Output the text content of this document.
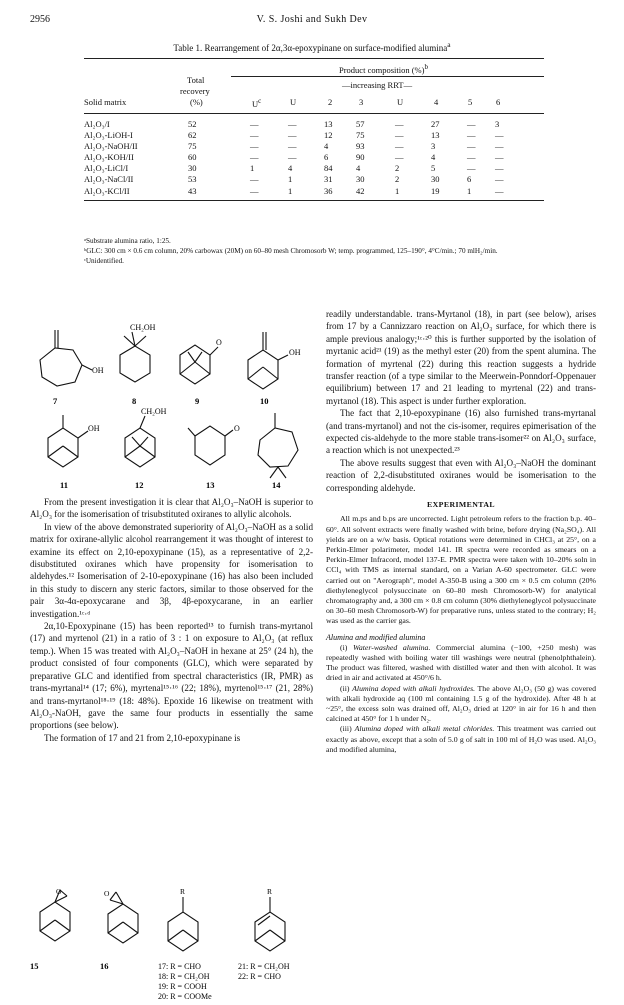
2956	V. S. Joshi and Sukh Dev
Table 1. Rearrangement of 2α,3α-epoxypinane on surface-modified alumina$^a$
Total
recovery
(%)
Solid matrix
Product composition (%)$^b$
—increasing RRT—
$U^c$	U	2	3	U	4	5	6
Al₂O₃/I	52	—	—	13	57	—	27	— 3
Al₂O₃-LiOH-I	62	—	—	12	75	—	13	— —
Al₂O₃-NaOH/II	75	—	—	4	93	—	3	— —
Al₂O₃-KOH/II	60	—	—	6	90	—	4	— —
Al₂O₃-LiCl/I	30	1	4	84	4	2	5	— —
Al₂O₃-NaCl/II	53	—	1	31	30	2	30	6	—
Al₂O₃-KCl/II	43	—	1	36	42	1	19	1	—
ᵃSubstrate alumina ratio, 1:25.
ᵇGLC: 300 cm × 0.6 cm column, 20% carbowax (20M) on 60–80 mesh Chromosorb W; temp. programmed, 125–190°, 4°C/min.; 70 mlH₂/min.
ᶜUnidentified.
CH₂OH
O
OH
OH
OH
CH₂OH
O
7	8	9	10
11	12	13	14

From the present investigation it is clear that Al₂O₃–NaOH is superior to Al₂O₃ for the isomerisation of trisubstituted oxiranes to allylic alcohols.

In view of the above demonstrated superiority of Al₂O₃–NaOH as a solid matrix for oxirane-allylic alcohol rearrangement it was thought of interest to examine its effect on 2,10-epoxypinane (15), as a representative of 2,2-disubstituted oxiranes which have propensity for isomerisation to aldehydes.¹² Isomerisation of 2-10-epoxypinane (16) has also been included in this study to discern any steric factors, similar to those observed for the pair 3α-4α-epoxycarane and 3β, 4β-epoxycarane, in an earlier investigation.¹ᶜ·ᵈ

2α,10-Epoxypinane (15) has been reported¹³ to furnish trans-myrtanol (17) and myrtenol (21) in a ratio of 3 : 1 on exposure to Al₂O₃ (at reflux temp.). When 15 was treated with Al₂O₃–NaOH in hexane at 25° (24 h), the product consisted of four components (GLC), which were separated by preparative GLC and identified from spectral characteristics (IR, PMR) as trans-myrtanal¹⁴ (17; 6%), myrtenal¹⁵·¹⁶ (22; 18%), myrtenol¹⁵·¹⁷ (21, 28%) and trans-myrtanol¹⁸·¹⁹ (18: 48%). Epoxide 16 likewise on treatment with Al₂O₃-NaOH, gave the same four products in essentially the same proportions (see below).

The formation of 17 and 21 from 2,10-epoxypinane is

O	O	R	R
15	16	17: R = CHO
18: R = CH₂OH
19: R = COOH
20: R = COOMe
21: R = CH₂OH
22: R = CHO

readily understandable. trans-Myrtanol (18), in part (see below), arises from 17 by a Cannizzaro reaction on Al₂O₃ surface, for which there is ample previous analogy;¹ᶜ·²⁰ this is further supported by the isolation of myrtanic acid²¹ (19) as the methyl ester (20) from the spent alumina. The formation of myrtenal (22) during this reaction suggests a hydride transfer reaction (of a type similar to the Meerwein-Ponndorf-Oppenauer equilibrium) between 17 and 21 leading to myrtenal (22) and trans-myrtanol (18). This aspect is under further exploration.

The fact that 2,10-epoxypinane (16) also furnished trans-myrtanal (and trans-myrtanol) and not the cis-isomer, requires epimerisation of the expected cis-aldehyde to the more stable trans-isomer²² on Al₂O₃ surface, a reaction which is not unexpected.²³

The above results suggest that even with Al₂O₃–NaOH the dominant reaction of 2,2-disubstituted oxiranes would be isomerisation to the corresponding aldehyde.

EXPERIMENTAL

All m.ps and b.ps are uncorrected. Light petroleum refers to the fraction b.p. 40–60°. All solvent extracts were finally washed with brine, before drying (Na₂SO₄). All yields are on a w/w basis. Optical rotations were determined in CHCl₃ at 25°, on a Perkin-Elmer polarimeter, model 141. IR spectra were recorded as smears on a Perkin-Elmer Infracord, model 137-E. PMR spectra were taken with 10–20% soln in CCl₄ with TMS as internal standard, on a Varian A-60 spectrometer. GLC were carried out on "Aerograph", model A-350-B using a 300 cm × 0.5 cm column (20% diethyleneglycol polysuccinate on 60–80 mesh Chromosorb-W) for analytical chromatography and, a 300 cm × 0.8 cm column (30% diethyleneglycol polysuccinate on 30–60 mesh Chromosorb-W) for preparative runs, unless stated to the contrary; H₂ was used as the carrier gas.

Alumina and modified alumina

(i) Water-washed alumina. Commercial alumina (−100, +250 mesh) was repeatedly washed with boiling water till washings were neutral (phenolphthalein). The product was filtered, washed with distilled water and then with alcohol. It was dried in air and activated at 450°/6 h.

(ii) Alumina doped with alkali hydroxides. The above Al₂O₃ (50 g) was covered with alkali hydroxide aq (100 ml containing 1.5 g of the hydroxide). After 48 h at ~25°, the excess soln was drained off, Al₂O₃ dried at 120° in air for 16 h and then calcined at 450° for 1 h under N₂.

(iii) Alumina doped with alkali metal chlorides. This treatment was carried out exactly as above, except that a soln of 5.0 g of salt in 100 ml of H₂O was used. Al₂O₃ and modified alumina,
